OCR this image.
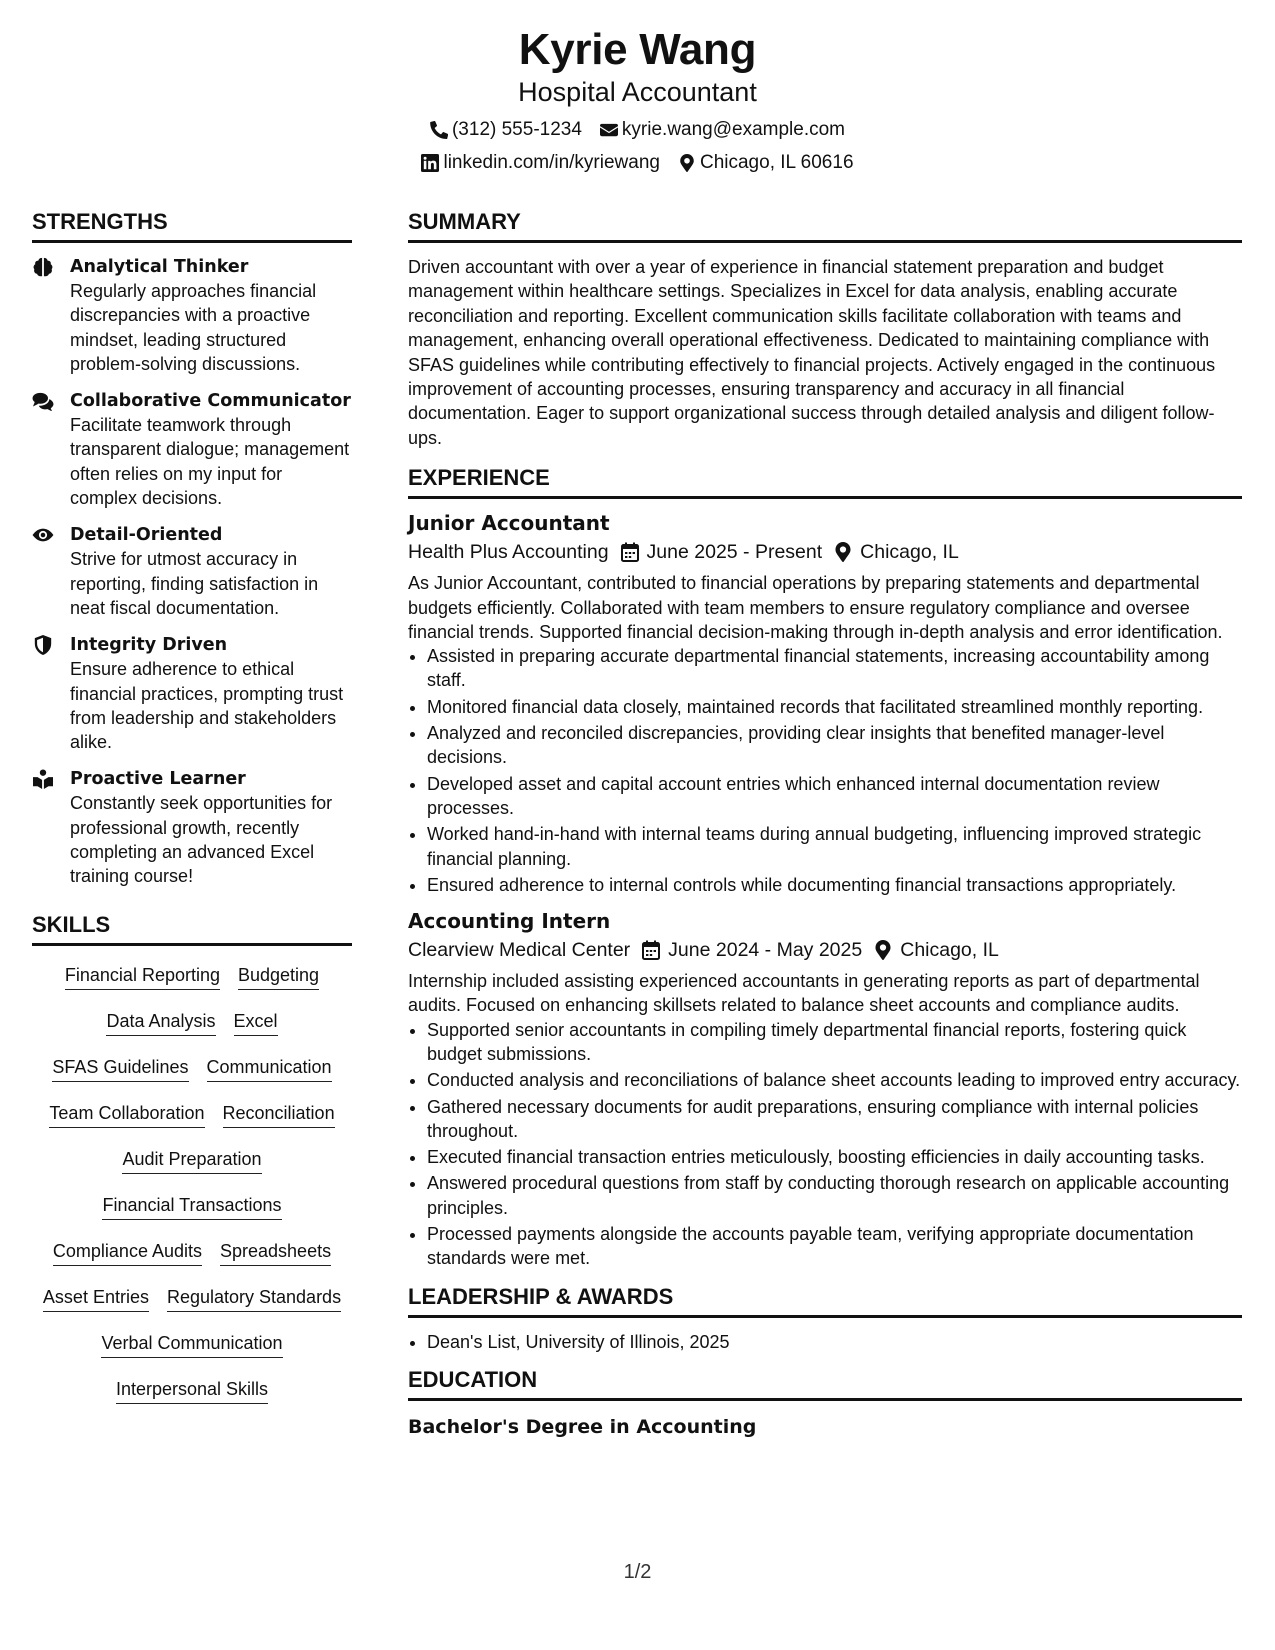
Kyrie Wang
Hospital Accountant
(312) 555-1234 kyrie.wang@example.com
linkedin.com/in/kyriewang Chicago, IL 60616
STRENGTHS
Analytical Thinker
Regularly approaches financial discrepancies with a proactive mindset, leading structured problem-solving discussions.
Collaborative Communicator
Facilitate teamwork through transparent dialogue; management often relies on my input for complex decisions.
Detail-Oriented
Strive for utmost accuracy in reporting, finding satisfaction in neat fiscal documentation.
Integrity Driven
Ensure adherence to ethical financial practices, prompting trust from leadership and stakeholders alike.
Proactive Learner
Constantly seek opportunities for professional growth, recently completing an advanced Excel training course!
SKILLS
Financial Reporting Budgeting
Data Analysis Excel
SFAS Guidelines Communication
Team Collaboration Reconciliation
Audit Preparation
Financial Transactions
Compliance Audits Spreadsheets
Asset Entries Regulatory Standards
Verbal Communication
Interpersonal Skills
SUMMARY
Driven accountant with over a year of experience in financial statement preparation and budget management within healthcare settings. Specializes in Excel for data analysis, enabling accurate reconciliation and reporting. Excellent communication skills facilitate collaboration with teams and management, enhancing overall operational effectiveness. Dedicated to maintaining compliance with SFAS guidelines while contributing effectively to financial projects. Actively engaged in the continuous improvement of accounting processes, ensuring transparency and accuracy in all financial documentation. Eager to support organizational success through detailed analysis and diligent follow-ups.
EXPERIENCE
Junior Accountant
Health Plus Accounting June 2025 - Present Chicago, IL
As Junior Accountant, contributed to financial operations by preparing statements and departmental budgets efficiently. Collaborated with team members to ensure regulatory compliance and oversee financial trends. Supported financial decision-making through in-depth analysis and error identification.
• Assisted in preparing accurate departmental financial statements, increasing accountability among staff.
• Monitored financial data closely, maintained records that facilitated streamlined monthly reporting.
• Analyzed and reconciled discrepancies, providing clear insights that benefited manager-level decisions.
• Developed asset and capital account entries which enhanced internal documentation review processes.
• Worked hand-in-hand with internal teams during annual budgeting, influencing improved strategic financial planning.
• Ensured adherence to internal controls while documenting financial transactions appropriately.
Accounting Intern
Clearview Medical Center June 2024 - May 2025 Chicago, IL
Internship included assisting experienced accountants in generating reports as part of departmental audits. Focused on enhancing skillsets related to balance sheet accounts and compliance audits.
• Supported senior accountants in compiling timely departmental financial reports, fostering quick budget submissions.
• Conducted analysis and reconciliations of balance sheet accounts leading to improved entry accuracy.
• Gathered necessary documents for audit preparations, ensuring compliance with internal policies throughout.
• Executed financial transaction entries meticulously, boosting efficiencies in daily accounting tasks.
• Answered procedural questions from staff by conducting thorough research on applicable accounting principles.
• Processed payments alongside the accounts payable team, verifying appropriate documentation standards were met.
LEADERSHIP & AWARDS
• Dean's List, University of Illinois, 2025
EDUCATION
Bachelor's Degree in Accounting
1/2
